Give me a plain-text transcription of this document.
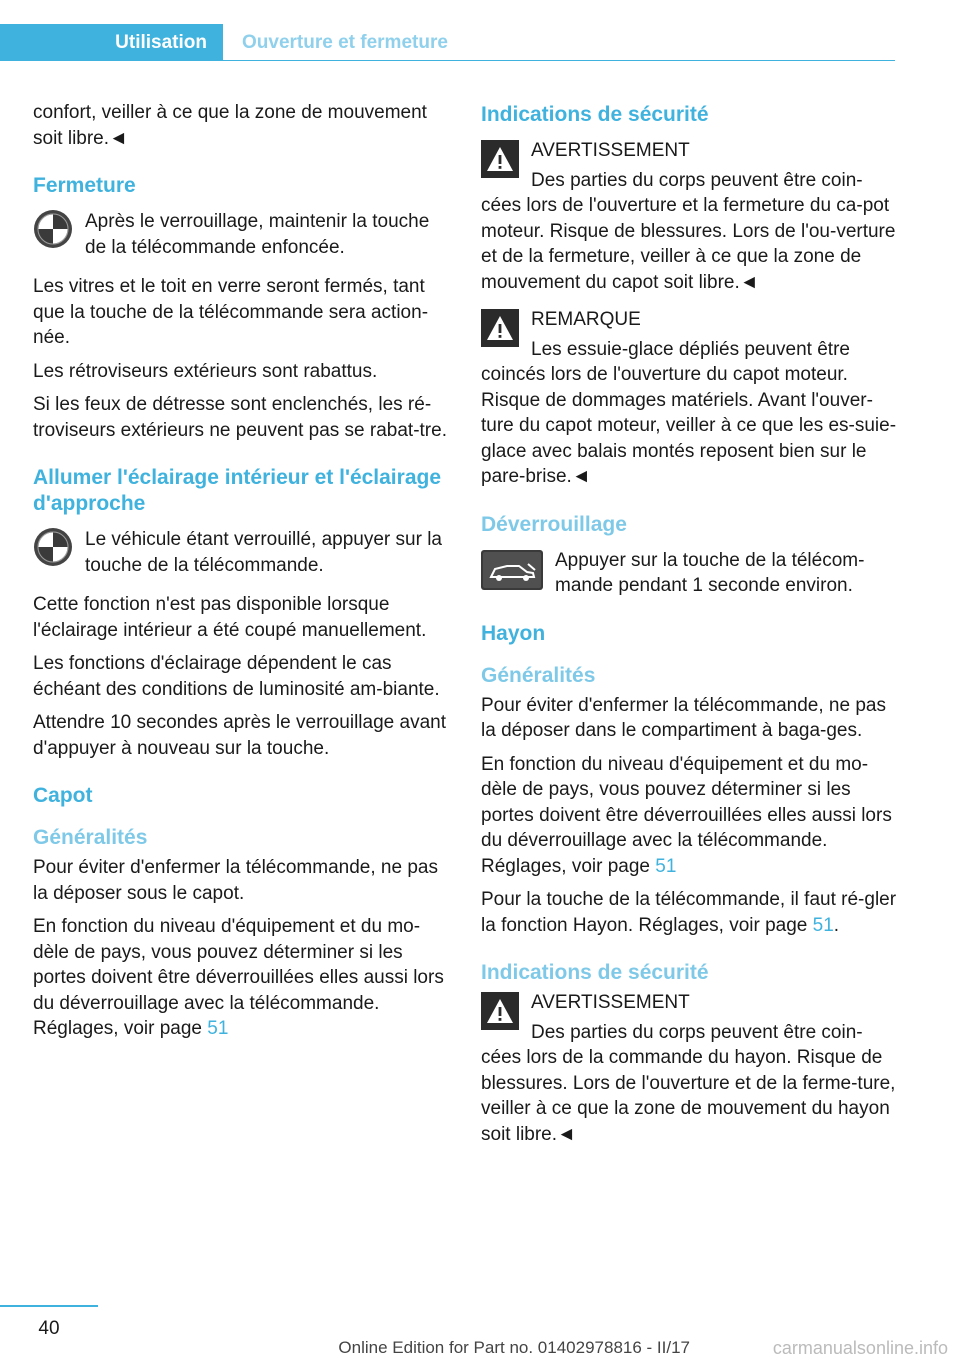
Utilisation Ouverture et fermeture

confort, veiller à ce que la zone de mouvement soit libre.◄

Fermeture

Après le verrouillage, maintenir la touche de la télécommande enfoncée.

Les vitres et le toit en verre seront fermés, tant que la touche de la télécommande sera action-née.

Les rétroviseurs extérieurs sont rabattus.

Si les feux de détresse sont enclenchés, les ré-troviseurs extérieurs ne peuvent pas se rabat-tre.

Allumer l'éclairage intérieur et l'éclairage d'approche

Le véhicule étant verrouillé, appuyer sur la touche de la télécommande.

Cette fonction n'est pas disponible lorsque l'éclairage intérieur a été coupé manuellement.

Les fonctions d'éclairage dépendent le cas échéant des conditions de luminosité am-biante.

Attendre 10 secondes après le verrouillage avant d'appuyer à nouveau sur la touche.

Capot
Généralités

Pour éviter d'enfermer la télécommande, ne pas la déposer sous le capot.

En fonction du niveau d'équipement et du mo-dèle de pays, vous pouvez déterminer si les portes doivent être déverrouillées elles aussi lors du déverrouillage avec la télécommande. Réglages, voir page 51

Indications de sécurité

AVERTISSEMENT

Des parties du corps peuvent être coin-cées lors de l'ouverture et la fermeture du ca-pot moteur. Risque de blessures. Lors de l'ou-verture et de la fermeture, veiller à ce que la zone de mouvement du capot soit libre.◄

REMARQUE

Les essuie-glace dépliés peuvent être coincés lors de l'ouverture du capot moteur. Risque de dommages matériels. Avant l'ouver-ture du capot moteur, veiller à ce que les es-suie-glace avec balais montés reposent bien sur le pare-brise.◄

Déverrouillage

Appuyer sur la touche de la télécom-mande pendant 1 seconde environ.

Hayon
Généralités

Pour éviter d'enfermer la télécommande, ne pas la déposer dans le compartiment à baga-ges.

En fonction du niveau d'équipement et du mo-dèle de pays, vous pouvez déterminer si les portes doivent être déverrouillées elles aussi lors du déverrouillage avec la télécommande. Réglages, voir page 51

Pour la touche de la télécommande, il faut ré-gler la fonction Hayon. Réglages, voir page 51.

Indications de sécurité

AVERTISSEMENT

Des parties du corps peuvent être coin-cées lors de la commande du hayon. Risque de blessures. Lors de l'ouverture et de la ferme-ture, veiller à ce que la zone de mouvement du hayon soit libre.◄

40
Online Edition for Part no. 01402978816 - II/17	carmanualsonline.info
